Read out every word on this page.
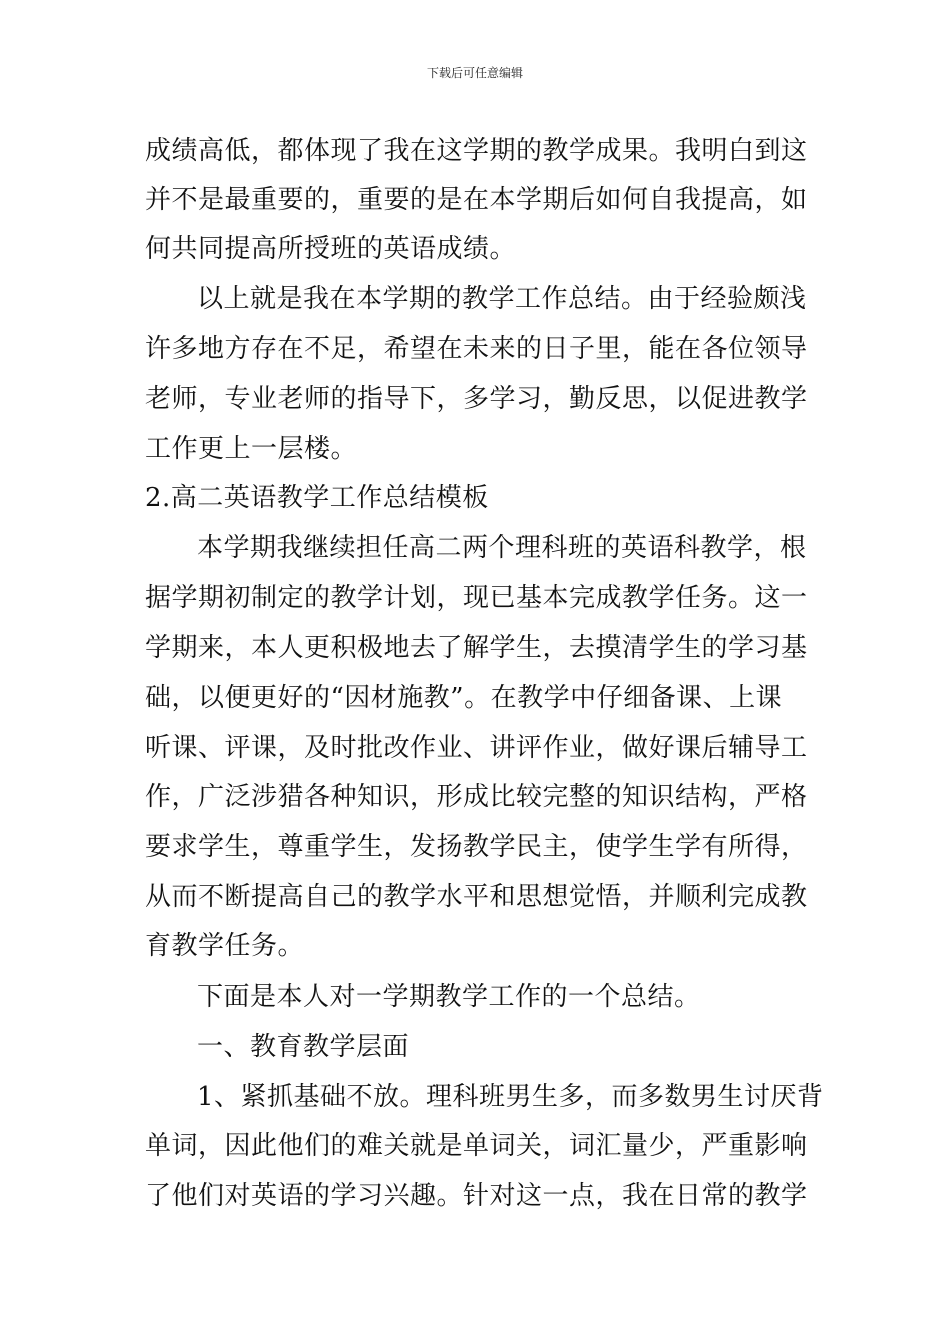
下载后可任意编辑
成绩高低，都体现了我在这学期的教学成果。我明白到这
并不是最重要的，重要的是在本学期后如何自我提高，如
何共同提高所授班的英语成绩。
以上就是我在本学期的教学工作总结。由于经验颇浅
许多地方存在不足，希望在未来的日子里，能在各位领导
老师，专业老师的指导下，多学习，勤反思，以促进教学
工作更上一层楼。
2.高二英语教学工作总结模板
本学期我继续担任高二两个理科班的英语科教学，根
据学期初制定的教学计划，现已基本完成教学任务。这一
学期来，本人更积极地去了解学生，去摸清学生的学习基
础，以便更好的“因材施教”。在教学中仔细备课、上课
听课、评课，及时批改作业、讲评作业，做好课后辅导工
作，广泛涉猎各种知识，形成比较完整的知识结构，严格
要求学生，尊重学生，发扬教学民主，使学生学有所得，
从而不断提高自己的教学水平和思想觉悟，并顺利完成教
育教学任务。
下面是本人对一学期教学工作的一个总结。
一、教育教学层面
1、紧抓基础不放。理科班男生多，而多数男生讨厌背
单词，因此他们的难关就是单词关，词汇量少，严重影响
了他们对英语的学习兴趣。针对这一点，我在日常的教学
